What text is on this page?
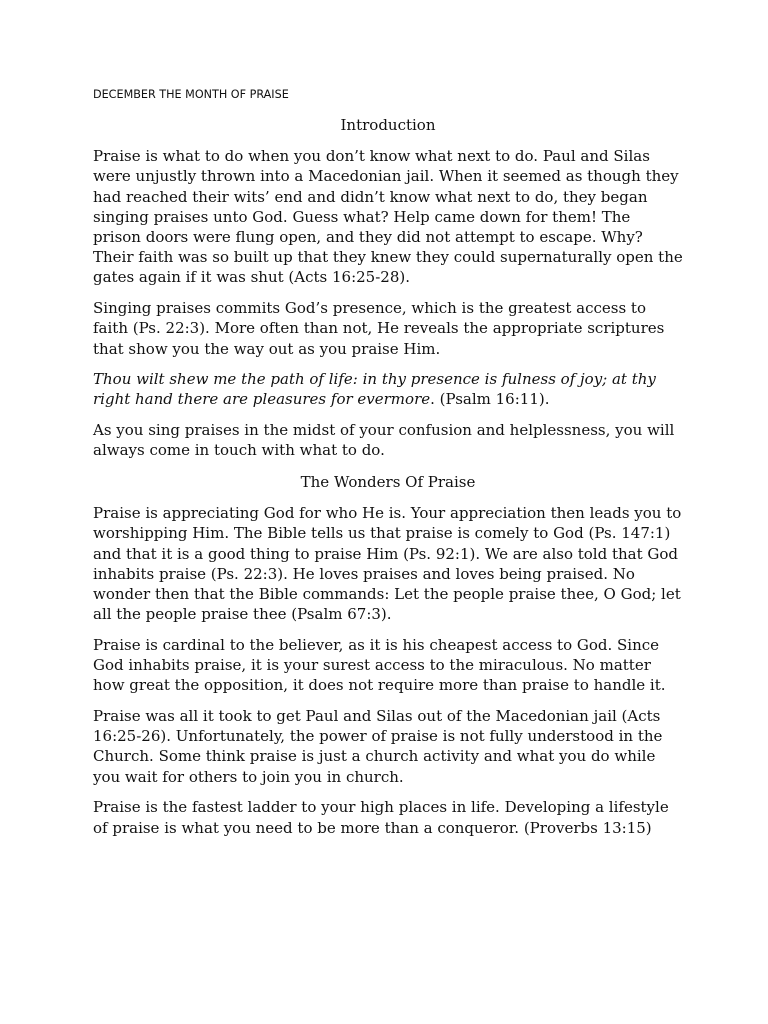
DECEMBER THE MONTH OF PRAISE
Introduction

Praise is what to do when you don’t know what next to do. Paul and Silas were unjustly thrown into a Macedonian jail. When it seemed as though they had reached their wits’ end and didn’t know what next to do, they began singing praises unto God. Guess what? Help came down for them! The prison doors were flung open, and they did not attempt to escape. Why? Their faith was so built up that they knew they could supernaturally open the gates again if it was shut (Acts 16:25-28).

Singing praises commits God’s presence, which is the greatest access to faith (Ps. 22:3). More often than not, He reveals the appropriate scriptures that show you the way out as you praise Him.

Thou wilt shew me the path of life: in thy presence is fulness of joy; at thy right hand there are pleasures for evermore. (Psalm 16:11).

As you sing praises in the midst of your confusion and helplessness, you will always come in touch with what to do.

The Wonders Of Praise

Praise is appreciating God for who He is. Your appreciation then leads you to worshipping Him. The Bible tells us that praise is comely to God (Ps. 147:1) and that it is a good thing to praise Him (Ps. 92:1). We are also told that God inhabits praise (Ps. 22:3). He loves praises and loves being praised. No wonder then that the Bible commands: Let the people praise thee, O God; let all the people praise thee (Psalm 67:3).

Praise is cardinal to the believer, as it is his cheapest access to God. Since God inhabits praise, it is your surest access to the miraculous. No matter how great the opposition, it does not require more than praise to handle it.

Praise was all it took to get Paul and Silas out of the Macedonian jail (Acts 16:25-26). Unfortunately, the power of praise is not fully understood in the Church. Some think praise is just a church activity and what you do while you wait for others to join you in church.

Praise is the fastest ladder to your high places in life. Developing a lifestyle of praise is what you need to be more than a conqueror. (Proverbs 13:15)
